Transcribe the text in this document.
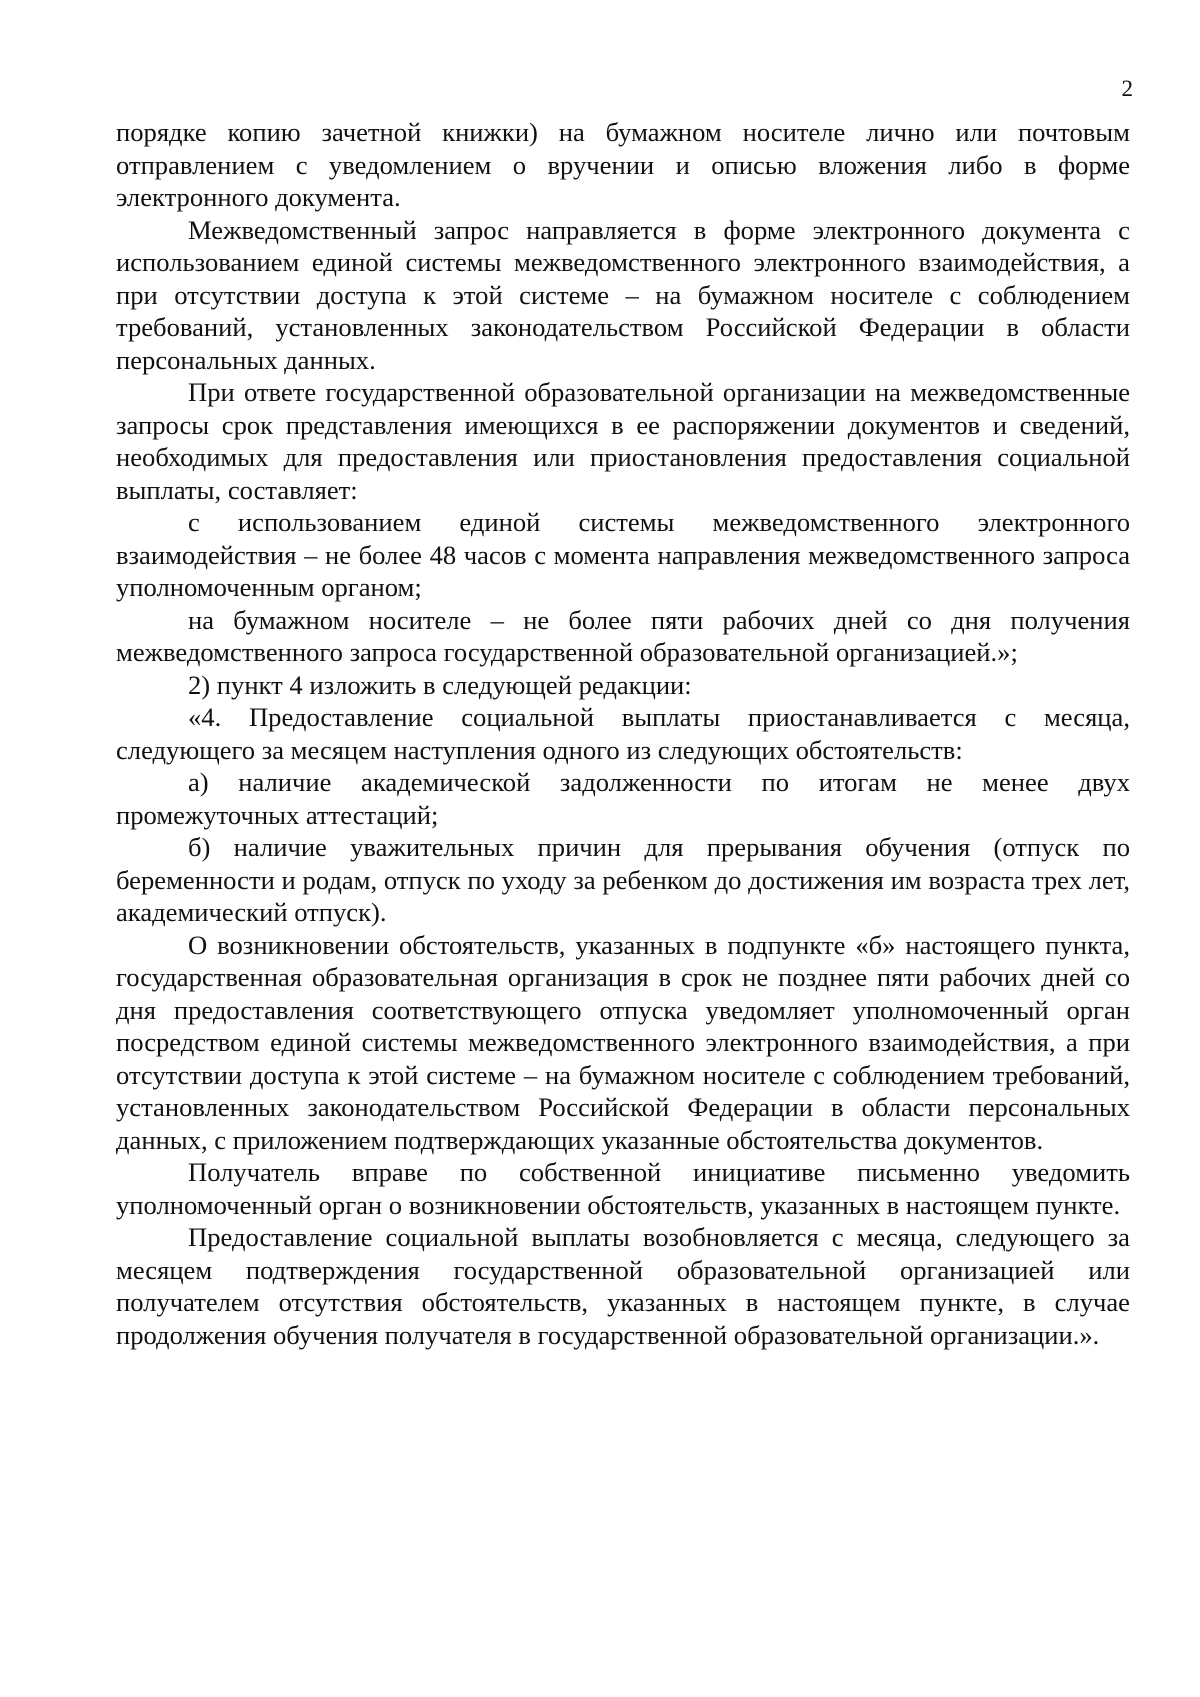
2

порядке копию зачетной книжки) на бумажном носителе лично или почтовым отправлением с уведомлением о вручении и описью вложения либо в форме электронного документа.

Межведомственный запрос направляется в форме электронного документа с использованием единой системы межведомственного электронного взаимодействия, а при отсутствии доступа к этой системе – на бумажном носителе с соблюдением требований, установленных законодательством Российской Федерации в области персональных данных.

При ответе государственной образовательной организации на межведомственные запросы срок представления имеющихся в ее распоряжении документов и сведений, необходимых для предоставления или приостановления предоставления социальной выплаты, составляет:

с использованием единой системы межведомственного электронного взаимодействия – не более 48 часов с момента направления межведомственного запроса уполномоченным органом;

на бумажном носителе – не более пяти рабочих дней со дня получения межведомственного запроса государственной образовательной организацией.»;

2) пункт 4 изложить в следующей редакции:

«4. Предоставление социальной выплаты приостанавливается с месяца, следующего за месяцем наступления одного из следующих обстоятельств:

а) наличие академической задолженности по итогам не менее двух промежуточных аттестаций;

б) наличие уважительных причин для прерывания обучения (отпуск по беременности и родам, отпуск по уходу за ребенком до достижения им возраста трех лет, академический отпуск).

О возникновении обстоятельств, указанных в подпункте «б» настоящего пункта, государственная образовательная организация в срок не позднее пяти рабочих дней со дня предоставления соответствующего отпуска уведомляет уполномоченный орган посредством единой системы межведомственного электронного взаимодействия, а при отсутствии доступа к этой системе – на бумажном носителе с соблюдением требований, установленных законодательством Российской Федерации в области персональных данных, с приложением подтверждающих указанные обстоятельства документов.

Получатель вправе по собственной инициативе письменно уведомить уполномоченный орган о возникновении обстоятельств, указанных в настоящем пункте.

Предоставление социальной выплаты возобновляется с месяца, следующего за месяцем подтверждения государственной образовательной организацией или получателем отсутствия обстоятельств, указанных в настоящем пункте, в случае продолжения обучения получателя в государственной образовательной организации.».
